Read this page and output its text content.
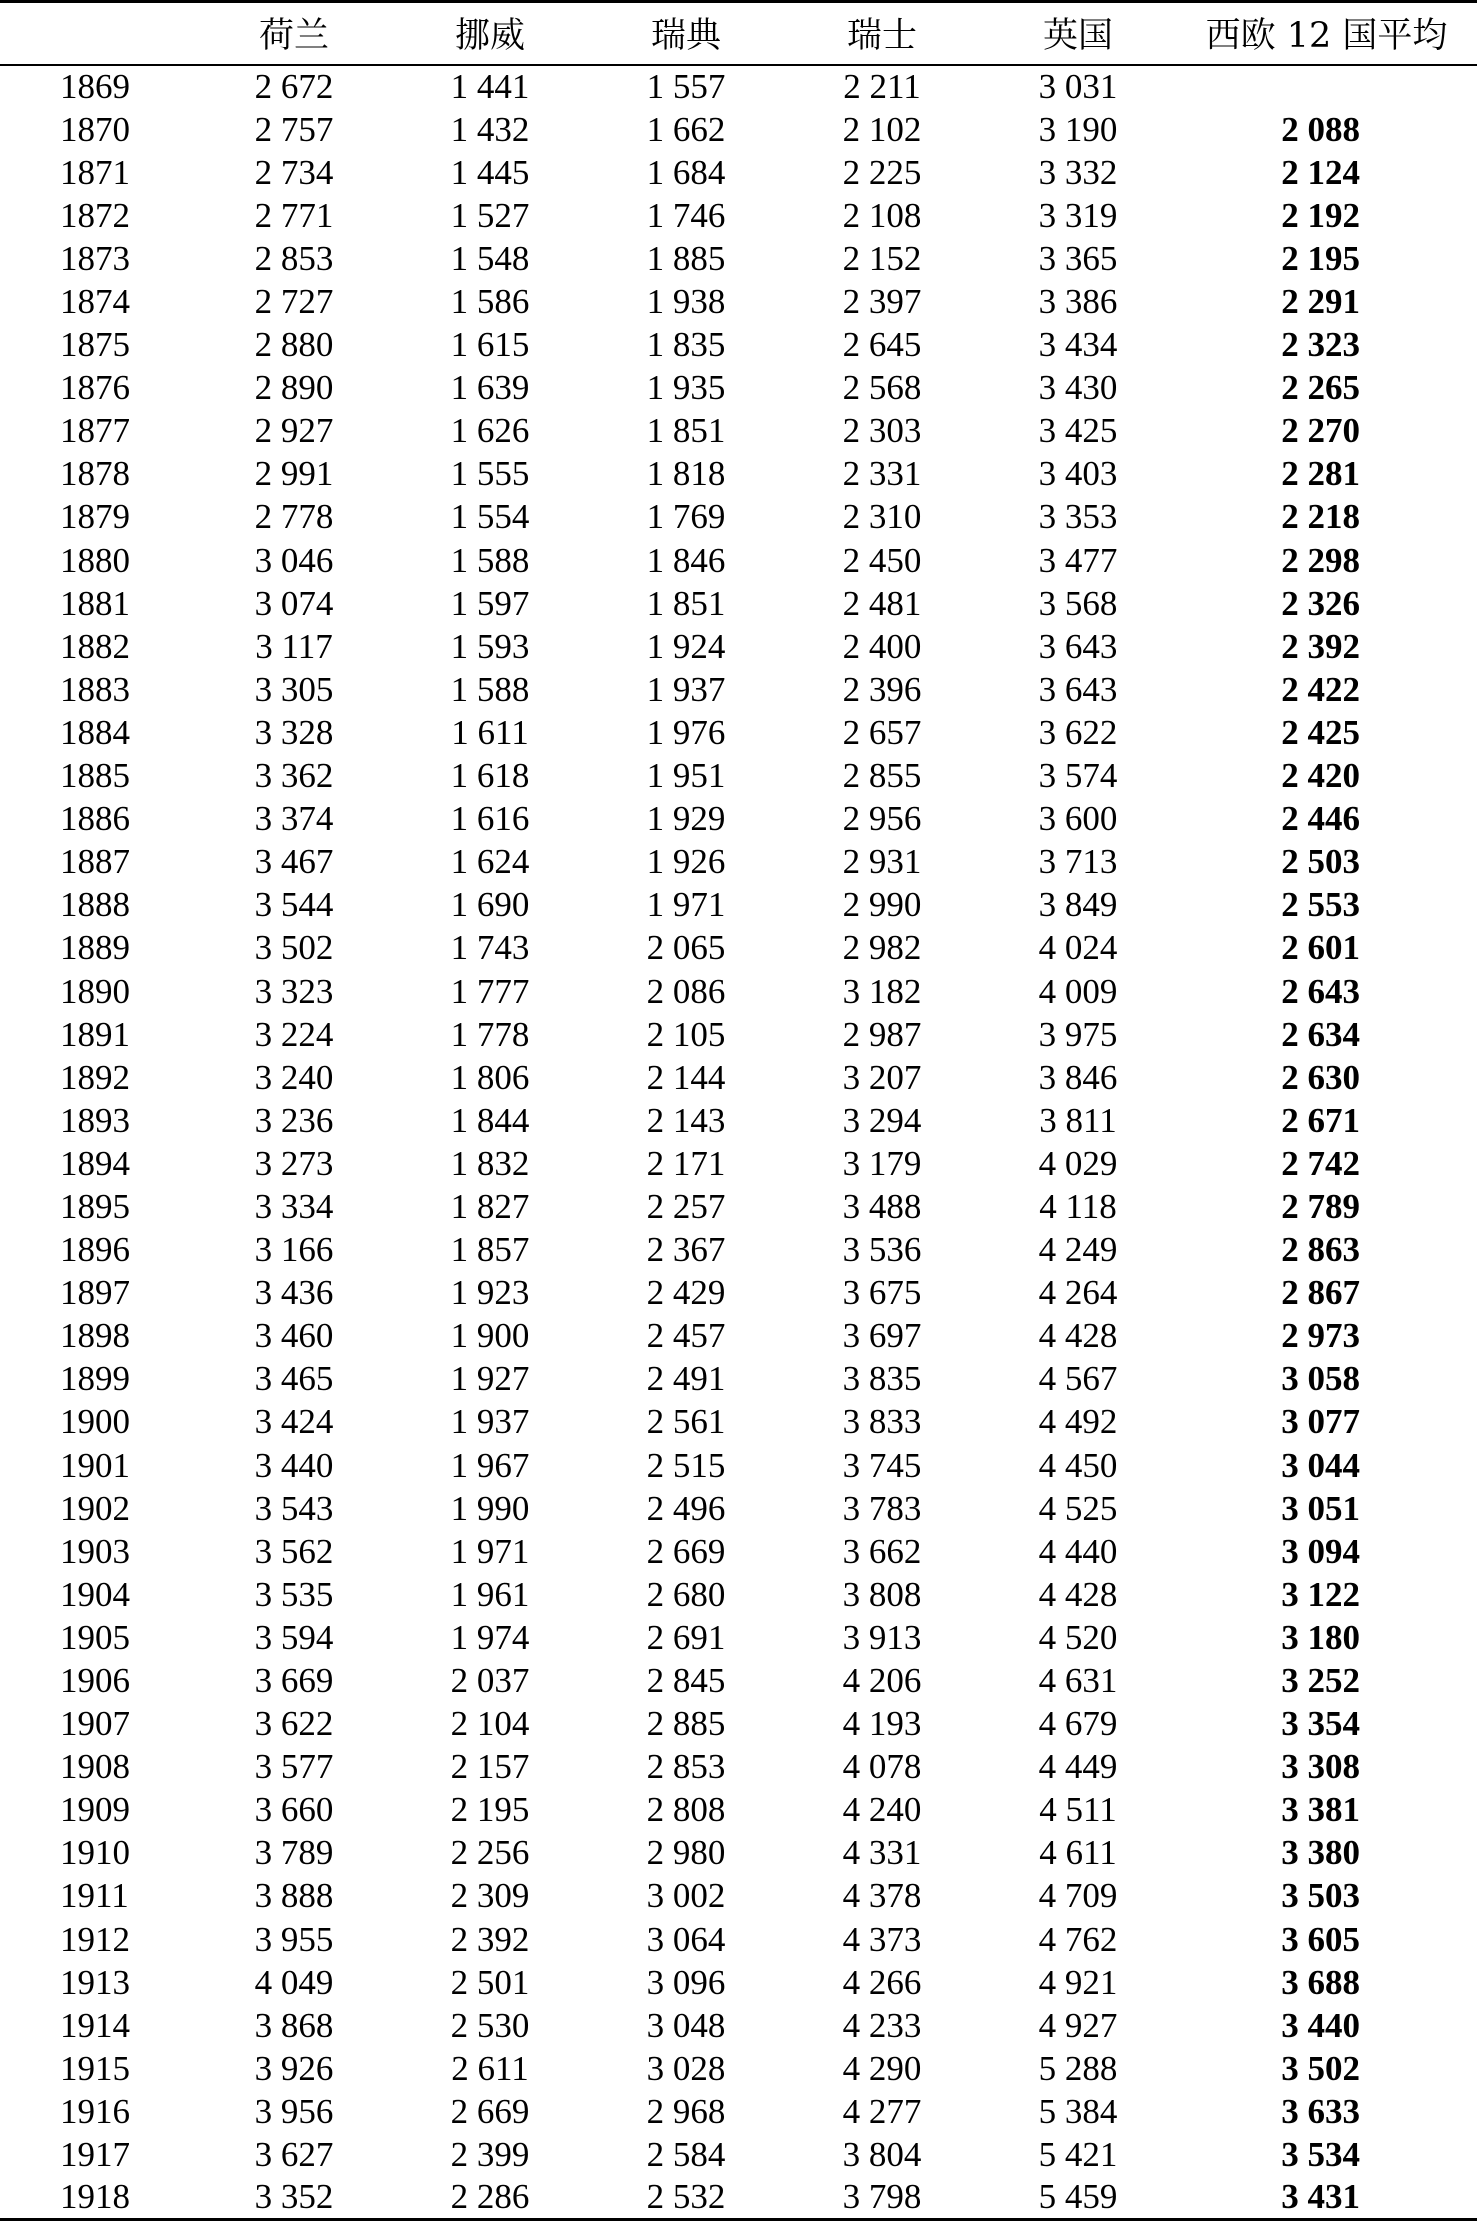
	荷兰	挪威	瑞典	瑞士	英国	西欧 12 国平均
1869	2 672	1 441	1 557	2 211	3 031	
1870	2 757	1 432	1 662	2 102	3 190	2 088
1871	2 734	1 445	1 684	2 225	3 332	2 124
1872	2 771	1 527	1 746	2 108	3 319	2 192
1873	2 853	1 548	1 885	2 152	3 365	2 195
1874	2 727	1 586	1 938	2 397	3 386	2 291
1875	2 880	1 615	1 835	2 645	3 434	2 323
1876	2 890	1 639	1 935	2 568	3 430	2 265
1877	2 927	1 626	1 851	2 303	3 425	2 270
1878	2 991	1 555	1 818	2 331	3 403	2 281
1879	2 778	1 554	1 769	2 310	3 353	2 218
1880	3 046	1 588	1 846	2 450	3 477	2 298
1881	3 074	1 597	1 851	2 481	3 568	2 326
1882	3 117	1 593	1 924	2 400	3 643	2 392
1883	3 305	1 588	1 937	2 396	3 643	2 422
1884	3 328	1 611	1 976	2 657	3 622	2 425
1885	3 362	1 618	1 951	2 855	3 574	2 420
1886	3 374	1 616	1 929	2 956	3 600	2 446
1887	3 467	1 624	1 926	2 931	3 713	2 503
1888	3 544	1 690	1 971	2 990	3 849	2 553
1889	3 502	1 743	2 065	2 982	4 024	2 601
1890	3 323	1 777	2 086	3 182	4 009	2 643
1891	3 224	1 778	2 105	2 987	3 975	2 634
1892	3 240	1 806	2 144	3 207	3 846	2 630
1893	3 236	1 844	2 143	3 294	3 811	2 671
1894	3 273	1 832	2 171	3 179	4 029	2 742
1895	3 334	1 827	2 257	3 488	4 118	2 789
1896	3 166	1 857	2 367	3 536	4 249	2 863
1897	3 436	1 923	2 429	3 675	4 264	2 867
1898	3 460	1 900	2 457	3 697	4 428	2 973
1899	3 465	1 927	2 491	3 835	4 567	3 058
1900	3 424	1 937	2 561	3 833	4 492	3 077
1901	3 440	1 967	2 515	3 745	4 450	3 044
1902	3 543	1 990	2 496	3 783	4 525	3 051
1903	3 562	1 971	2 669	3 662	4 440	3 094
1904	3 535	1 961	2 680	3 808	4 428	3 122
1905	3 594	1 974	2 691	3 913	4 520	3 180
1906	3 669	2 037	2 845	4 206	4 631	3 252
1907	3 622	2 104	2 885	4 193	4 679	3 354
1908	3 577	2 157	2 853	4 078	4 449	3 308
1909	3 660	2 195	2 808	4 240	4 511	3 381
1910	3 789	2 256	2 980	4 331	4 611	3 380
1911	3 888	2 309	3 002	4 378	4 709	3 503
1912	3 955	2 392	3 064	4 373	4 762	3 605
1913	4 049	2 501	3 096	4 266	4 921	3 688
1914	3 868	2 530	3 048	4 233	4 927	3 440
1915	3 926	2 611	3 028	4 290	5 288	3 502
1916	3 956	2 669	2 968	4 277	5 384	3 633
1917	3 627	2 399	2 584	3 804	5 421	3 534
1918	3 352	2 286	2 532	3 798	5 459	3 431
